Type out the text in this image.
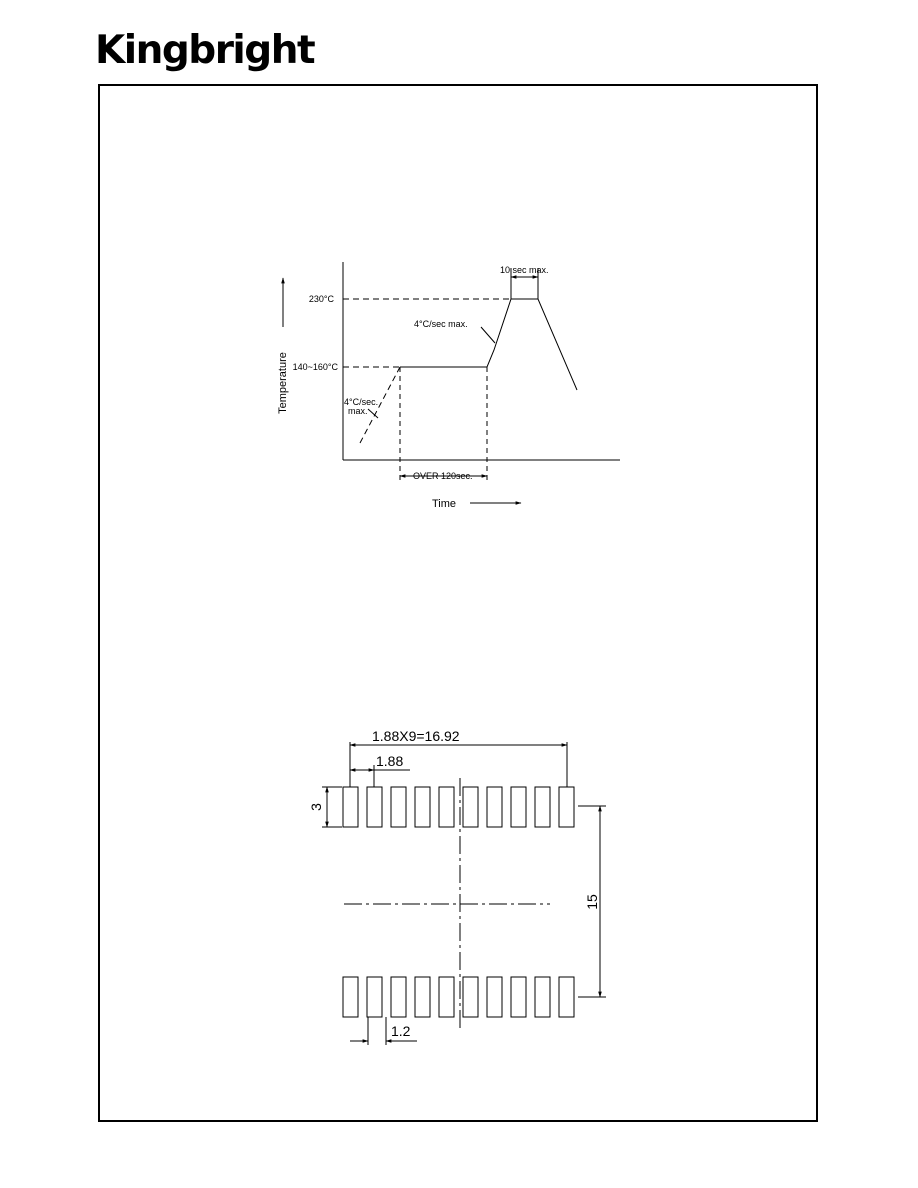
Kingbright
230°C
140~160°C
10 sec max.
4°C/sec max.
4°C/sec.
max.
OVER 120sec.
Temperature
Time
1.88X9=16.92
1.88
3
15
1.2
